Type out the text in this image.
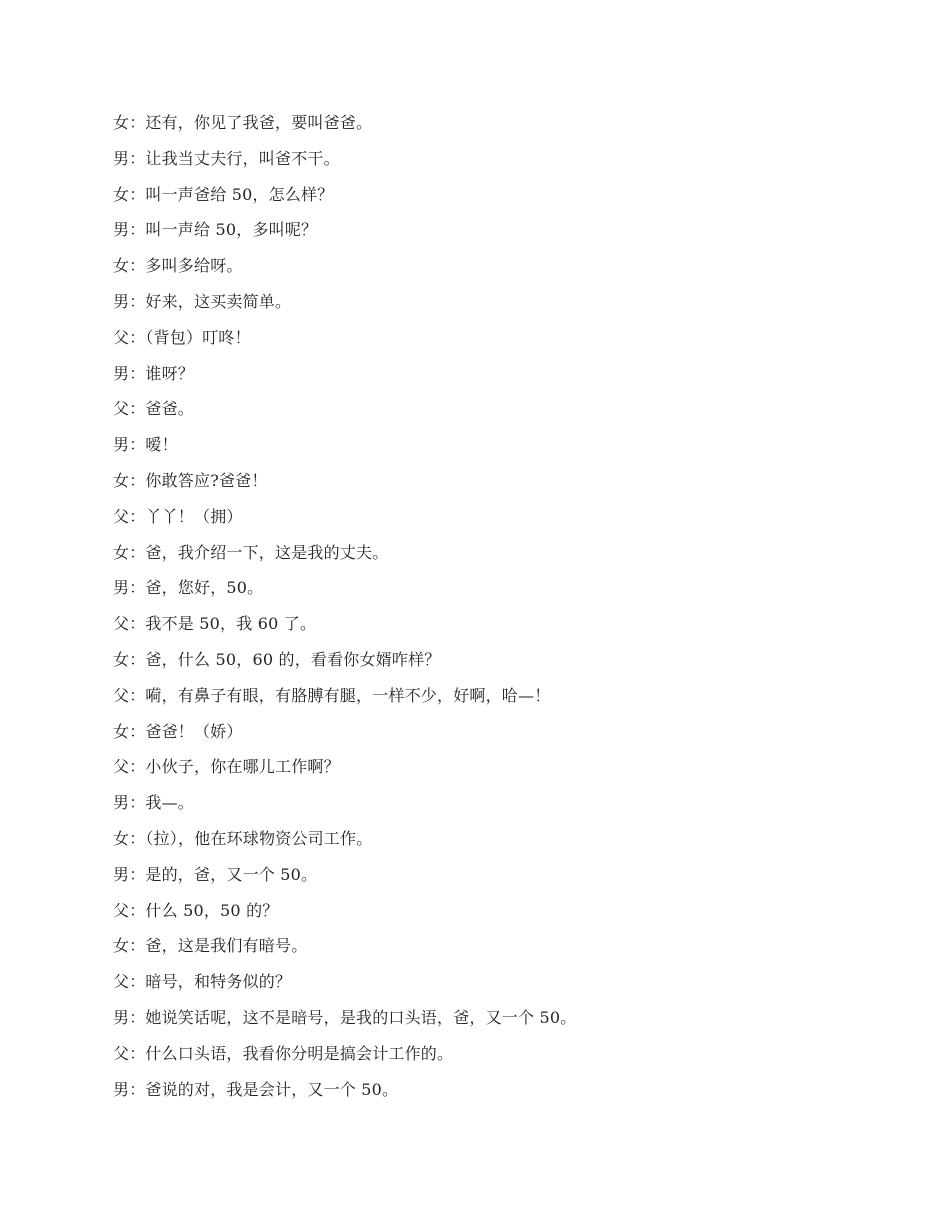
女：还有，你见了我爸，要叫爸爸。
男：让我当丈夫行，叫爸不干。
女：叫一声爸给 50，怎么样？
男：叫一声给 50，多叫呢？
女：多叫多给呀。
男：好来，这买卖简单。
父：（背包）叮咚！
男：谁呀？
父：爸爸。
男：嗳！
女：你敢答应?爸爸！
父：丫丫！（拥）
女：爸，我介绍一下，这是我的丈夫。
男：爸，您好，50。
父：我不是 50，我 60 了。
女：爸，什么 50，60 的，看看你女婿咋样？
父：嗬，有鼻子有眼，有胳膊有腿，一样不少，好啊，哈—！
女：爸爸！（娇）
父：小伙子，你在哪儿工作啊？
男：我—。
女：（拉），他在环球物资公司工作。
男：是的，爸，又一个 50。
父：什么 50，50 的？
女：爸，这是我们有暗号。
父：暗号，和特务似的？
男：她说笑话呢，这不是暗号，是我的口头语，爸，又一个 50。
父：什么口头语，我看你分明是搞会计工作的。
男：爸说的对，我是会计，又一个 50。
